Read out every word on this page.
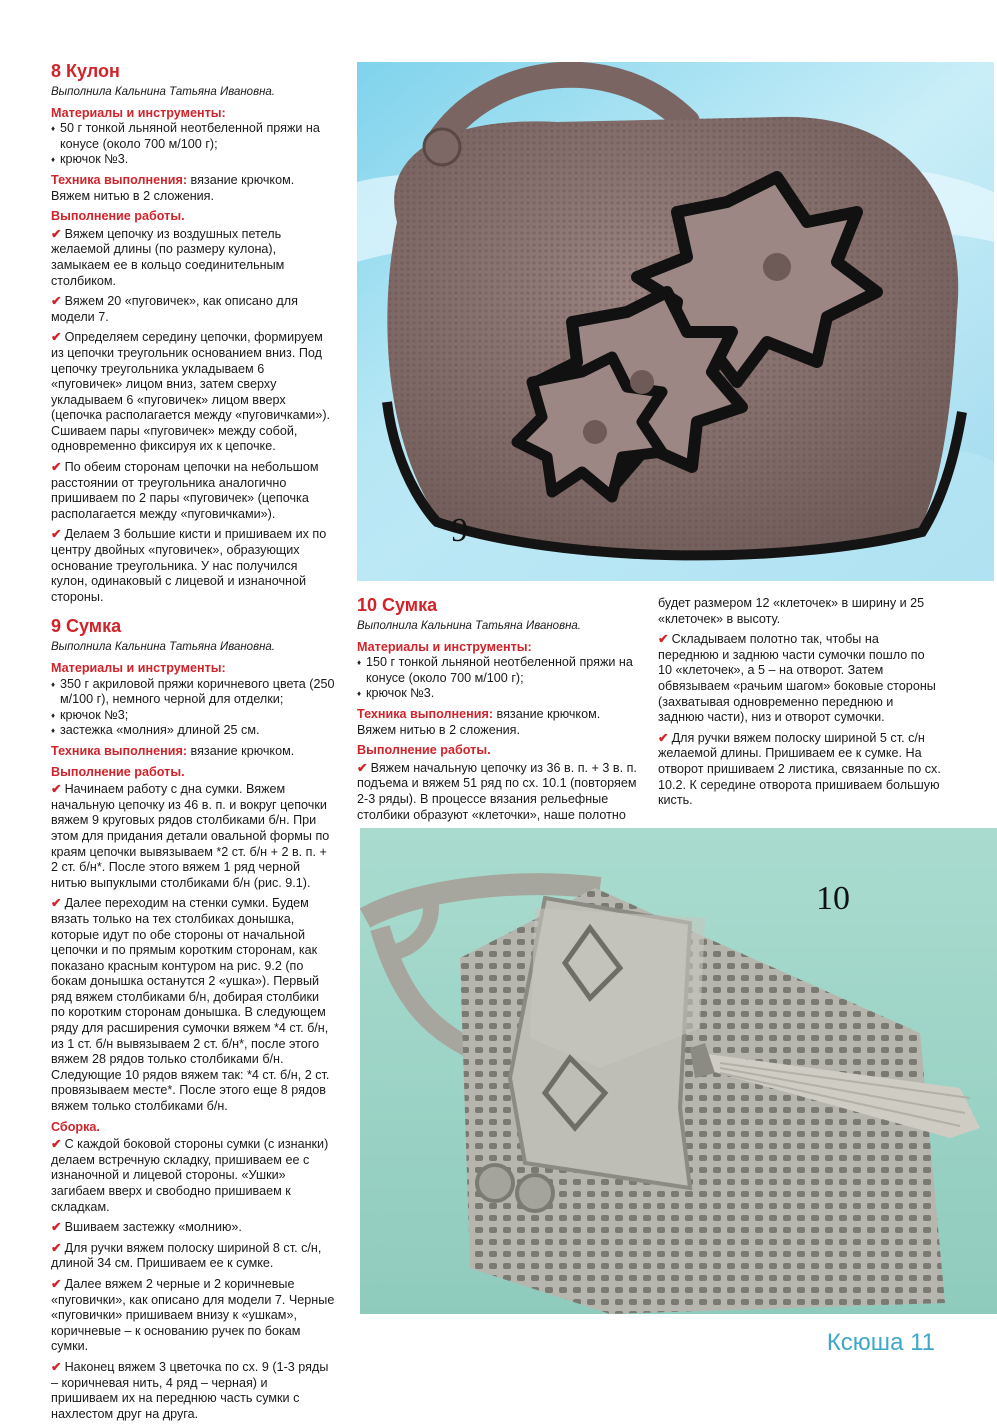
8 Кулон
Выполнила Кальнина Татьяна Ивановна.
Материалы и инструменты:
♦ 50 г тонкой льняной неотбеленной пряжи на конусе (около 700 м/100 г);
♦ крючок №3.

Техника выполнения: вязание крючком. Вяжем нитью в 2 сложения.

Выполнение работы.

✔ Вяжем цепочку из воздушных петель желаемой длины (по размеру кулона), замыкаем ее в кольцо соединительным столбиком.

✔ Вяжем 20 «пуговичек», как описано для модели 7.

✔ Определяем середину цепочки, формируем из цепочки треугольник основанием вниз. Под цепочку треугольника укладываем 6 «пуговичек» лицом вниз, затем сверху укладываем 6 «пуговичек» лицом вверх (цепочка располагается между «пуговичками»). Сшиваем пары «пуговичек» между собой, одновременно фиксируя их к цепочке.

✔ По обеим сторонам цепочки на небольшом расстоянии от треугольника аналогично пришиваем по 2 пары «пуговичек» (цепочка располагается между «пуговичками»).

✔ Делаем 3 большие кисти и пришиваем их по центру двойных «пуговичек», образующих основание треугольника. У нас получился кулон, одинаковый с лицевой и изнаночной стороны.

9 Сумка
Выполнила Кальнина Татьяна Ивановна.
Материалы и инструменты:
♦ 350 г акриловой пряжи коричневого цвета (250 м/100 г), немного черной для отделки;
♦ крючок №3;
♦ застежка «молния» длиной 25 см.

Техника выполнения: вязание крючком.

Выполнение работы.

✔ Начинаем работу с дна сумки. Вяжем начальную цепочку из 46 в. п. и вокруг цепочки вяжем 9 круговых рядов столбиками б/н. При этом для придания детали овальной формы по краям цепочки вывязываем *2 ст. б/н + 2 в. п. + 2 ст. б/н*. После этого вяжем 1 ряд черной нитью выпуклыми столбиками б/н (рис. 9.1).

✔ Далее переходим на стенки сумки. Будем вязать только на тех столбиках донышка, которые идут по обе стороны от начальной цепочки и по прямым коротким сторонам, как показано красным контуром на рис. 9.2 (по бокам донышка останутся 2 «ушка»). Первый ряд вяжем столбиками б/н, добирая столбики по коротким сторонам донышка. В следующем ряду для расширения сумочки вяжем *4 ст. б/н, из 1 ст. б/н вывязываем 2 ст. б/н*, после этого вяжем 28 рядов только столбиками б/н. Следующие 10 рядов вяжем так: *4 ст. б/н, 2 ст. провязываем месте*. После этого еще 8 рядов вяжем только столбиками б/н.

Сборка.

✔ С каждой боковой стороны сумки (с изнанки) делаем встречную складку, пришиваем ее с изнаночной и лицевой стороны. «Ушки» загибаем вверх и свободно пришиваем к складкам.

✔ Вшиваем застежку «молнию».

✔ Для ручки вяжем полоску шириной 8 ст. с/н, длиной 34 см. Пришиваем ее к сумке.

✔ Далее вяжем 2 черные и 2 коричневые «пуговички», как описано для модели 7. Черные «пуговички» пришиваем внизу к «ушкам», коричневые – к основанию ручек по бокам сумки.

✔ Наконец вяжем 3 цветочка по сх. 9 (1-3 ряды – коричневая нить, 4 ряд – черная) и пришиваем их на переднюю часть сумки с нахлестом друг на друга.

9
10 Сумка
Выполнила Кальнина Татьяна Ивановна.
Материалы и инструменты:
♦ 150 г тонкой льняной неотбеленной пряжи на конусе (около 700 м/100 г);
♦ крючок №3.

Техника выполнения: вязание крючком. Вяжем нитью в 2 сложения.

Выполнение работы.

✔ Вяжем начальную цепочку из 36 в. п. + 3 в. п. подъема и вяжем 51 ряд по сх. 10.1 (повторяем 2-3 ряды). В процессе вязания рельефные столбики образуют «клеточки», наше полотно

будет размером 12 «клеточек» в ширину и 25 «клеточек» в высоту.

✔ Складываем полотно так, чтобы на переднюю и заднюю части сумочки пошло по 10 «клеточек», а 5 – на отворот. Затем обвязываем «рачьим шагом» боковые стороны (захватывая одновременно переднюю и заднюю части), низ и отворот сумочки.

✔ Для ручки вяжем полоску шириной 5 ст. с/н желаемой длины. Пришиваем ее к сумке. На отворот пришиваем 2 листика, связанные по сх. 10.2. К середине отворота пришиваем большую кисть.

10
Ксюша 11
